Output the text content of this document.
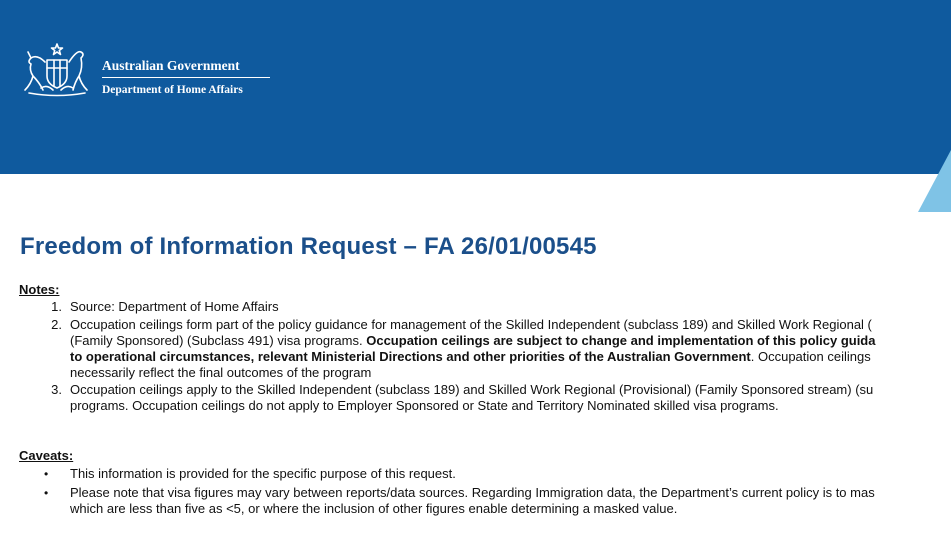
Australian Government
Department of Home Affairs
Freedom of Information Request – FA 26/01/00545
Notes:
1. Source: Department of Home Affairs
2. Occupation ceilings form part of the policy guidance for management of the Skilled Independent (subclass 189) and Skilled Work Regional (
(Family Sponsored) (Subclass 491) visa programs. Occupation ceilings are subject to change and implementation of this policy guida
to operational circumstances, relevant Ministerial Directions and other priorities of the Australian Government. Occupation ceilings
necessarily reflect the final outcomes of the program
3. Occupation ceilings apply to the Skilled Independent (subclass 189) and Skilled Work Regional (Provisional) (Family Sponsored stream) (su
programs. Occupation ceilings do not apply to Employer Sponsored or State and Territory Nominated skilled visa programs.
Caveats:
• This information is provided for the specific purpose of this request.
• Please note that visa figures may vary between reports/data sources. Regarding Immigration data, the Department’s current policy is to mas
which are less than five as <5, or where the inclusion of other figures enable determining a masked value.
